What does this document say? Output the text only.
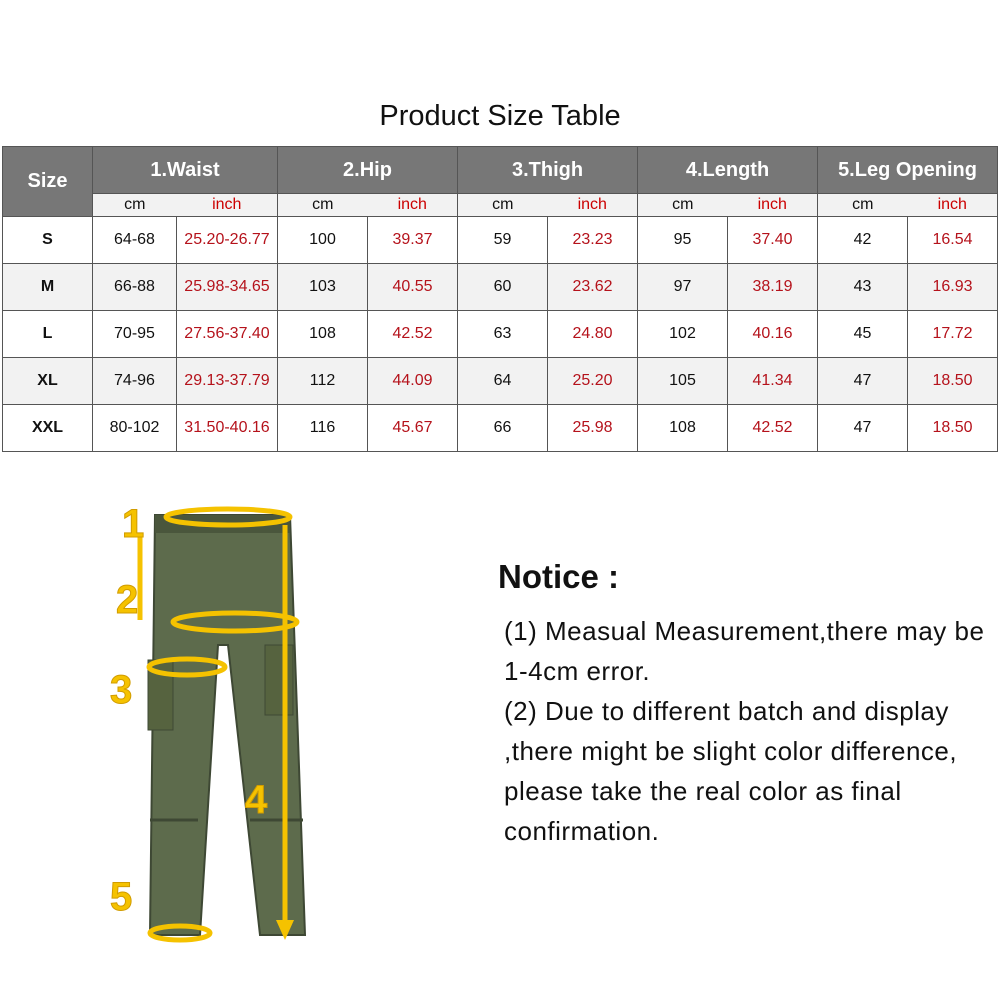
Product Size Table
Size	1.Waist		2.Hip		3.Thigh		4.Length		5.Leg Opening	
	cm	inch	cm	inch	cm	inch	cm	inch	cm	inch
S	64-68	25.20-26.77	100	39.37	59	23.23	95	37.40	42	16.54
M	66-88	25.98-34.65	103	40.55	60	23.62	97	38.19	43	16.93
L	70-95	27.56-37.40	108	42.52	63	24.80	102	40.16	45	17.72
XL	74-96	29.13-37.79	112	44.09	64	25.20	105	41.34	47	18.50
XXL	80-102	31.50-40.16	116	45.67	66	25.98	108	42.52	47	18.50
1
2
3
4
5
Notice :
(1) Measual Measurement,there may be 1-4cm error.
(2) Due to different batch and display ,there might be slight color difference, please take the real color as final confirmation.
